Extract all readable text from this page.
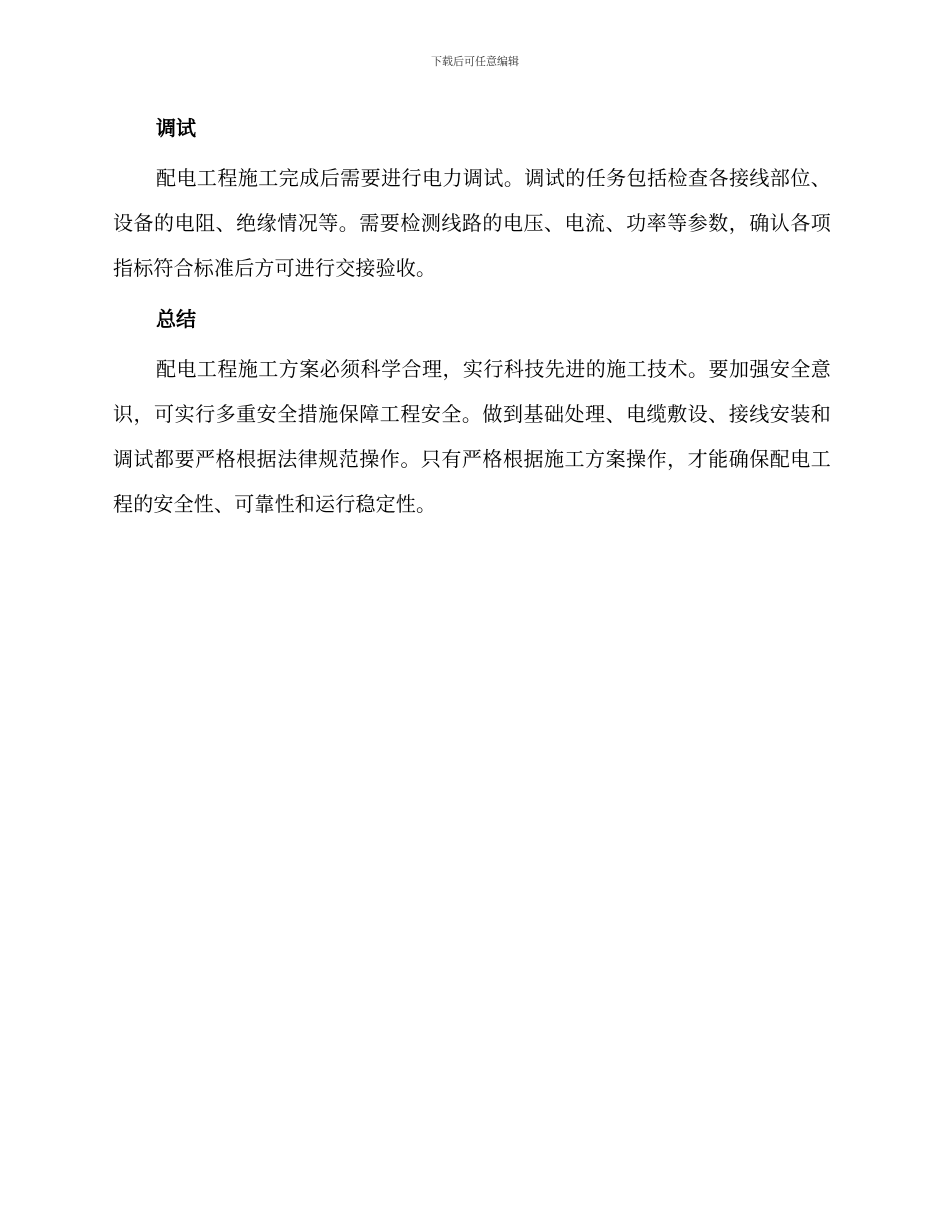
下载后可任意编辑
调试
配电工程施工完成后需要进行电力调试。调试的任务包括检查各接线部位、设备的电阻、绝缘情况等。需要检测线路的电压、电流、功率等参数，确认各项指标符合标准后方可进行交接验收。
总结
配电工程施工方案必须科学合理，实行科技先进的施工技术。要加强安全意识，可实行多重安全措施保障工程安全。做到基础处理、电缆敷设、接线安装和调试都要严格根据法律规范操作。只有严格根据施工方案操作，才能确保配电工程的安全性、可靠性和运行稳定性。
